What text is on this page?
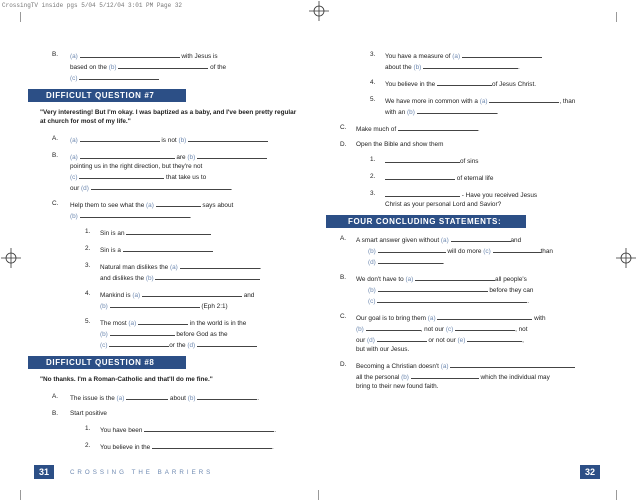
CrossingTV inside pgs 5/04 5/12/04 3:01 PM Page 32
B. (a)	with Jesus is
based on the (b)	of the
(c)
DIFFICULT QUESTION #7
"Very interesting! But I'm okay. I was baptized as a baby, and I've been pretty regular at church for most of my life."
A. (a)	is not (b)
B. (a)	are (b)
pointing us in the right direction, but they're not
(c)	that take us to
our (d)	.
C. Help them to see what the (a)	says about
(b)	.
1. Sin is an
2. Sin is a
3. Natural man dislikes the (a)	.
and dislikes the (b)
4. Mankind is (a)	and
(b)	(Eph 2:1)
5. The most (a)	in the world is in the
(b)	before God as the
(c)	or the (d)
DIFFICULT QUESTION #8
"No thanks. I'm a Roman-Catholic and that'll do me fine."
A. The issue is the (a)	about (b)	.
B. Start positive
1. You have been	.
2. You believe in the	.
3. You have a measure of (a)
about the (b)	.
4. You believe in the	of Jesus Christ.
5. We have more in common with a (a)	, than
with an (b)	.
C. Make much of	.
D. Open the Bible and show them
1.	of sins
2.	of eternal life
3.	- Have you received Jesus
Christ as your personal Lord and Savior?
FOUR CONCLUDING STATEMENTS:
A. A smart answer given without (a)	and
(b)	will do more (c)	than
(d)	.
B. We don't have to (a)	all people's
(b)	before they can
(c)	.
C. Our goal is to bring them (a)	with
(b)	, not our (c)	, not
our (d)	or not our (e)	,
but with our Jesus.
D. Becoming a Christian doesn't (a)
all the personal (b)	which the individual may
bring to their new found faith.
31	CROSSING THE BARRIERS	32
